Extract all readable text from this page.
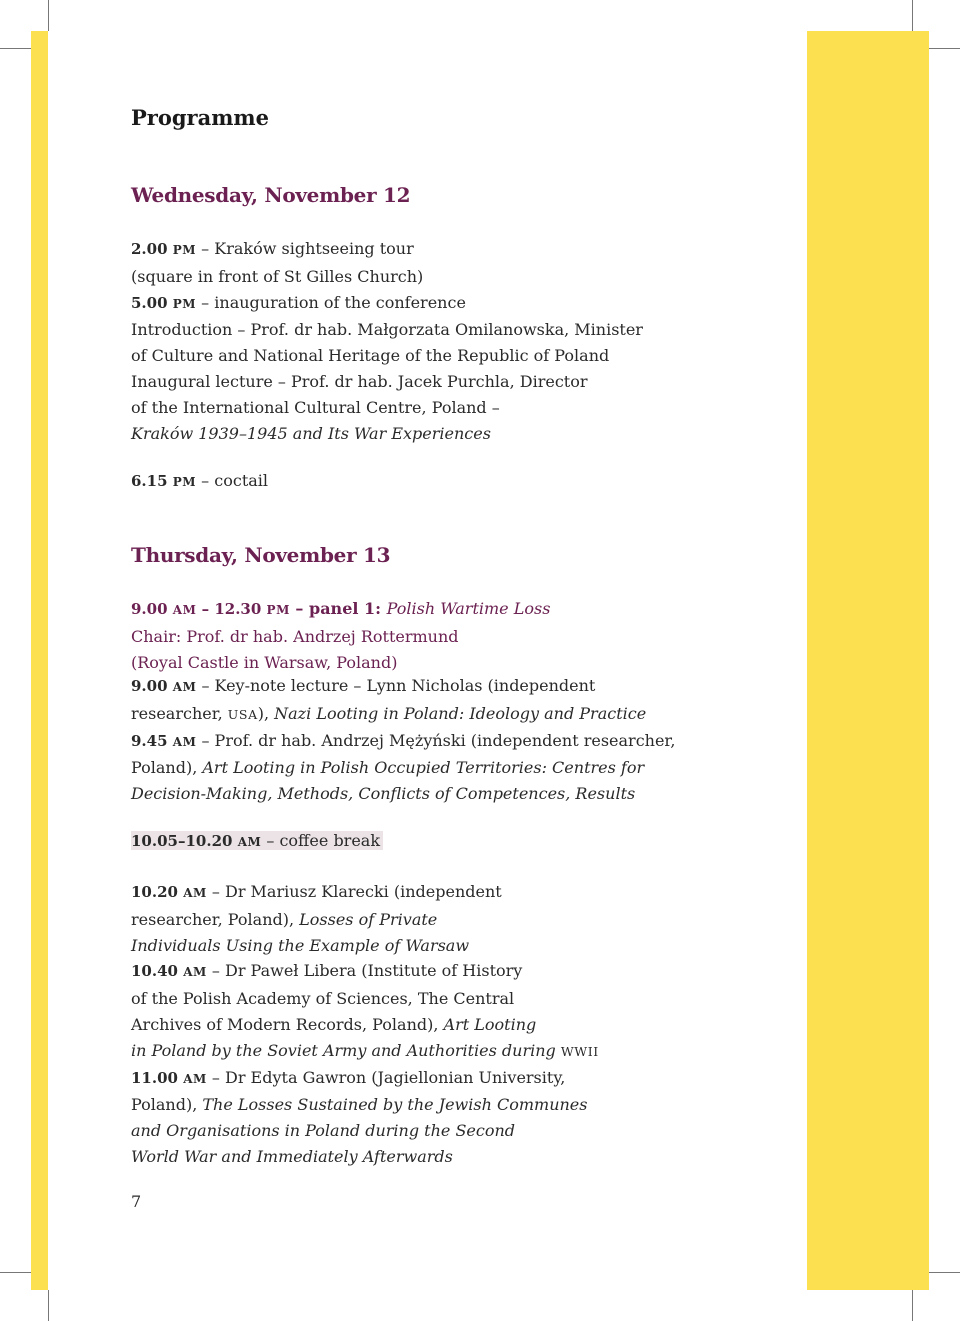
Programme
Wednesday, November 12
2.00 PM – Kraków sightseeing tour
(square in front of St Gilles Church)
5.00 PM – inauguration of the conference
Introduction – Prof. dr hab. Małgorzata Omilanowska, Minister
of Culture and National Heritage of the Republic of Poland
Inaugural lecture – Prof. dr hab. Jacek Purchla, Director
of the International Cultural Centre, Poland –
Kraków 1939–1945 and Its War Experiences
6.15 PM – coctail
Thursday, November 13
9.00 AM – 12.30 PM – panel 1: Polish Wartime Loss
Chair: Prof. dr hab. Andrzej Rottermund
(Royal Castle in Warsaw, Poland)
9.00 AM – Key-note lecture – Lynn Nicholas (independent
researcher, USA), Nazi Looting in Poland: Ideology and Practice
9.45 AM – Prof. dr hab. Andrzej Mężyński (independent researcher,
Poland), Art Looting in Polish Occupied Territories: Centres for
Decision-Making, Methods, Conflicts of Competences, Results
10.05–10.20 AM – coffee break
10.20 AM – Dr Mariusz Klarecki (independent
researcher, Poland), Losses of Private
Individuals Using the Example of Warsaw
10.40 AM – Dr Paweł Libera (Institute of History
of the Polish Academy of Sciences, The Central
Archives of Modern Records, Poland), Art Looting
in Poland by the Soviet Army and Authorities during WWII
11.00 AM – Dr Edyta Gawron (Jagiellonian University,
Poland), The Losses Sustained by the Jewish Communes
and Organisations in Poland during the Second
World War and Immediately Afterwards
7
